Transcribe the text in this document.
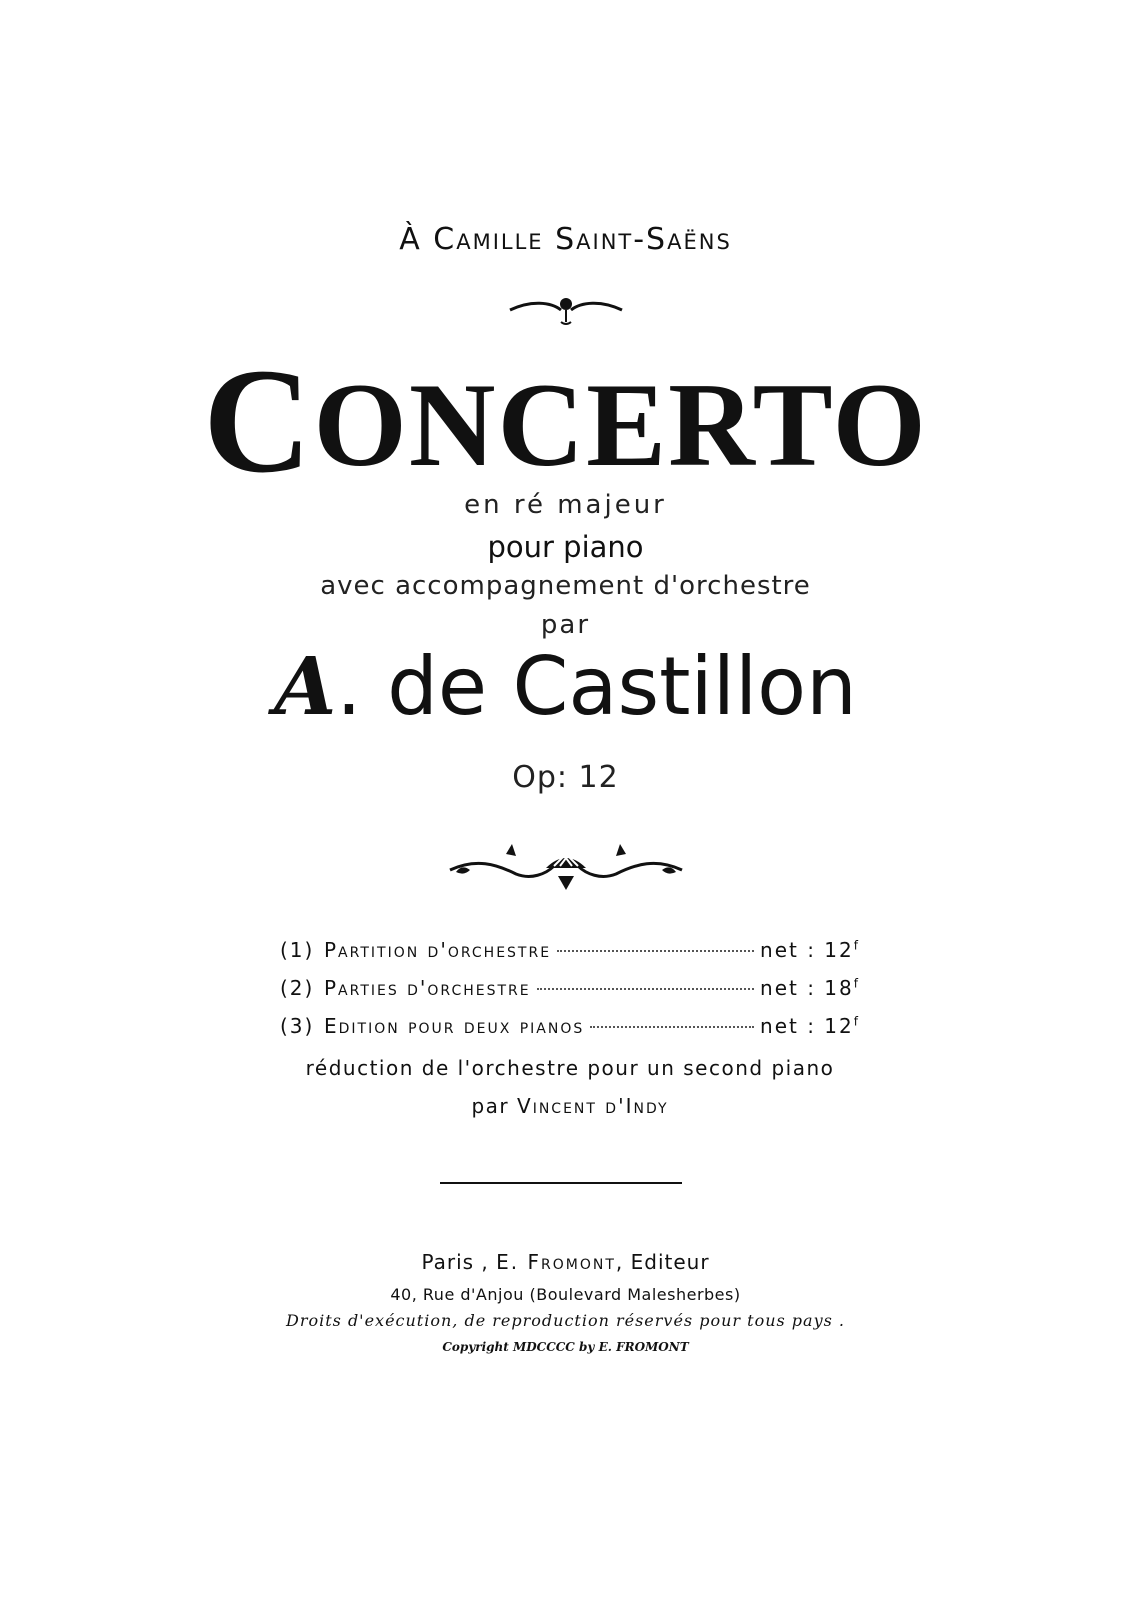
À Camille Saint-Saëns
CONCERTO
en ré majeur
pour piano
avec accompagnement d'orchestre
par
A. de Castillon
Op: 12
(1) Partition d'orchestre	net : 12$^f$
(2) Parties d'orchestre	net : 18$^f$
(3) Edition pour deux pianos	net : 12$^f$
réduction de l'orchestre pour un second piano
par Vincent d'Indy
Paris , E. Fromont, Editeur
40, Rue d'Anjou (Boulevard Malesherbes)
Droits d'exécution, de reproduction réservés pour tous pays .
Copyright MDCCCC by E. FROMONT
